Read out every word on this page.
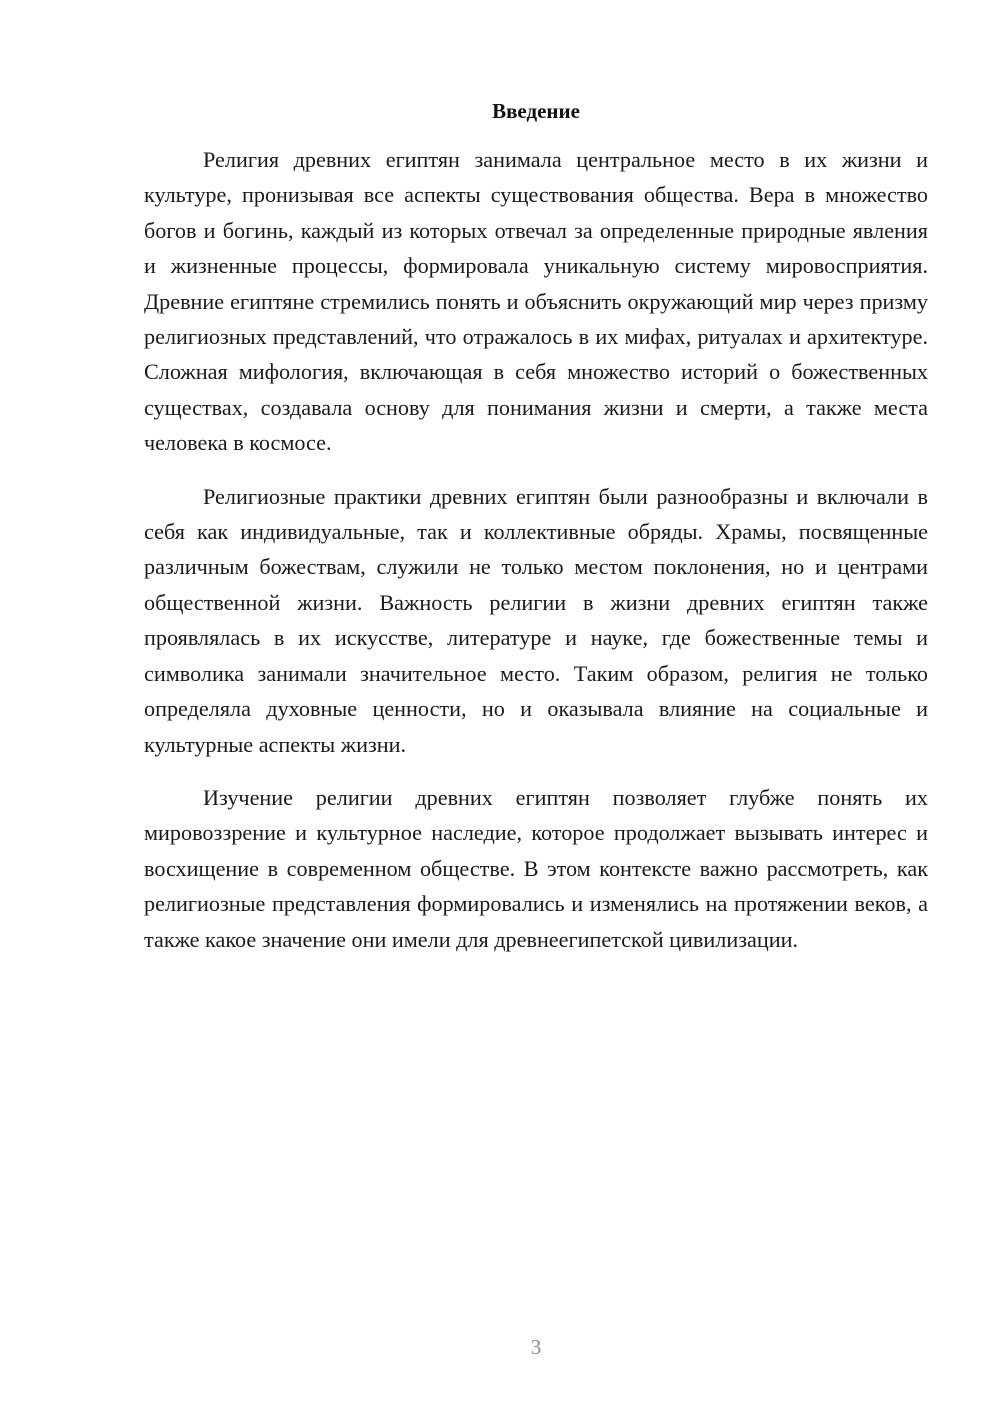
Введение

Религия древних египтян занимала центральное место в их жизни и культуре, пронизывая все аспекты существования общества. Вера в множество богов и богинь, каждый из которых отвечал за определенные природные явления и жизненные процессы, формировала уникальную систему мировосприятия. Древние египтяне стремились понять и объяснить окружающий мир через призму религиозных представлений, что отражалось в их мифах, ритуалах и архитектуре. Сложная мифология, включающая в себя множество историй о божественных существах, создавала основу для понимания жизни и смерти, а также места человека в космосе.

Религиозные практики древних египтян были разнообразны и включали в себя как индивидуальные, так и коллективные обряды. Храмы, посвященные различным божествам, служили не только местом поклонения, но и центрами общественной жизни. Важность религии в жизни древних египтян также проявлялась в их искусстве, литературе и науке, где божественные темы и символика занимали значительное место. Таким образом, религия не только определяла духовные ценности, но и оказывала влияние на социальные и культурные аспекты жизни.

Изучение религии древних египтян позволяет глубже понять их мировоззрение и культурное наследие, которое продолжает вызывать интерес и восхищение в современном обществе. В этом контексте важно рассмотреть, как религиозные представления формировались и изменялись на протяжении веков, а также какое значение они имели для древнеегипетской цивилизации.

3
